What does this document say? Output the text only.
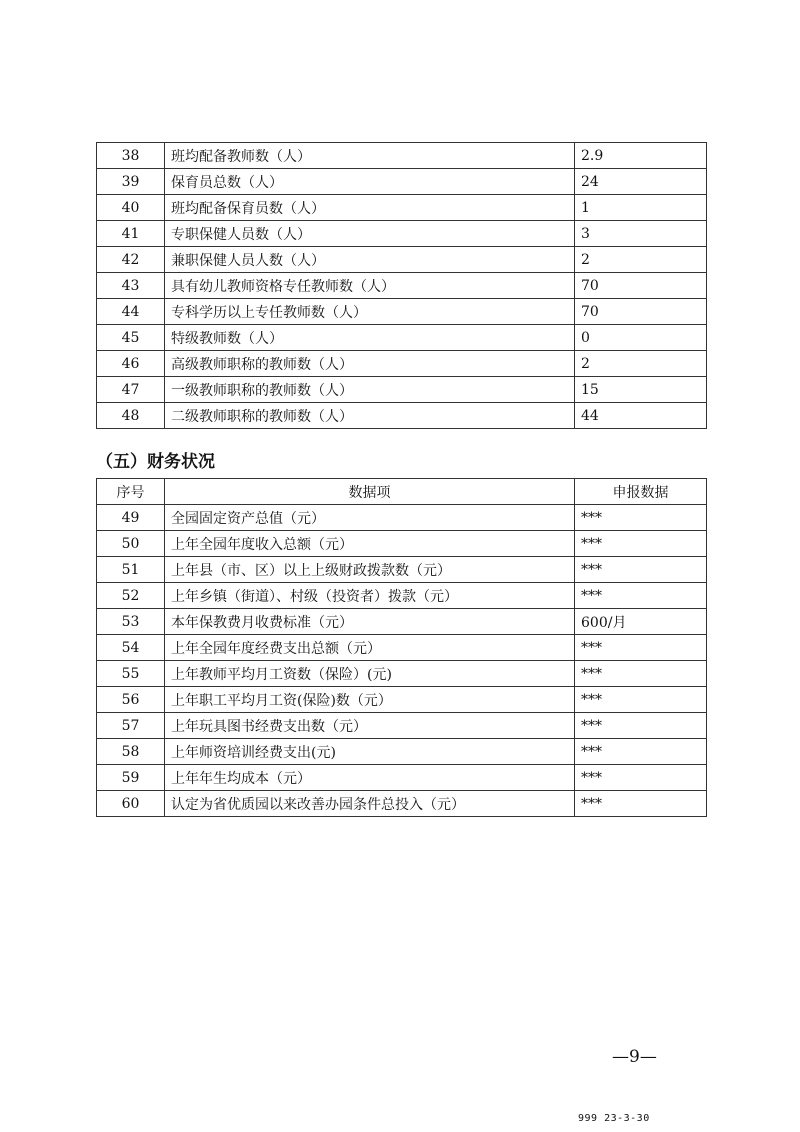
38	班均配备教师数（人）	2.9
39	保育员总数（人）	24
40	班均配备保育员数（人）	1
41	专职保健人员数（人）	3
42	兼职保健人员人数（人）	2
43	具有幼儿教师资格专任教师数（人）	70
44	专科学历以上专任教师数（人）	70
45	特级教师数（人）	0
46	高级教师职称的教师数（人）	2
47	一级教师职称的教师数（人）	15
48	二级教师职称的教师数（人）	44
（五）财务状况
序号	数据项	申报数据
49	全园固定资产总值（元）	***
50	上年全园年度收入总额（元）	***
51	上年县（市、区）以上上级财政拨款数（元）	***
52	上年乡镇（街道）、村级（投资者）拨款（元）	***
53	本年保教费月收费标准（元）	600/月
54	上年全园年度经费支出总额（元）	***
55	上年教师平均月工资数（保险）(元)	***
56	上年职工平均月工资(保险)数（元）	***
57	上年玩具图书经费支出数（元）	***
58	上年师资培训经费支出(元)	***
59	上年年生均成本（元）	***
60	认定为省优质园以来改善办园条件总投入（元）	***
—9—
999 23-3-30
